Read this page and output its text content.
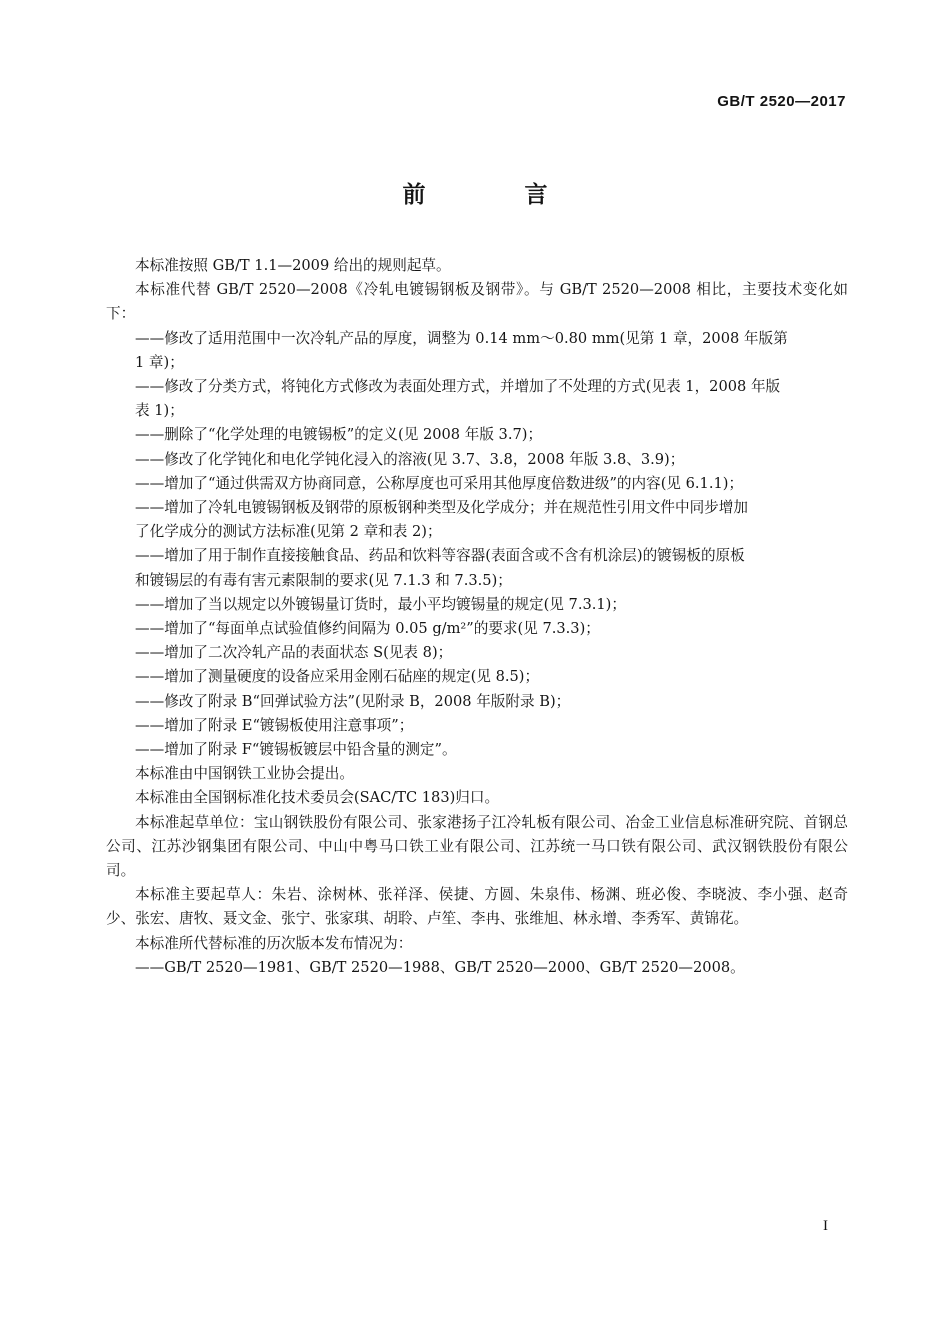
GB/T 2520—2017
前　言

本标准按照 GB/T 1.1—2009 给出的规则起草。

本标准代替 GB/T 2520—2008《冷轧电镀锡钢板及钢带》。与 GB/T 2520—2008 相比，主要技术变化如下：

——修改了适用范围中一次冷轧产品的厚度，调整为 0.14 mm～0.80 mm(见第 1 章，2008 年版第
1 章)；

——修改了分类方式，将钝化方式修改为表面处理方式，并增加了不处理的方式(见表 1，2008 年版
表 1)；

——删除了“化学处理的电镀锡板”的定义(见 2008 年版 3.7)；

——修改了化学钝化和电化学钝化浸入的溶液(见 3.7、3.8，2008 年版 3.8、3.9)；

——增加了“通过供需双方协商同意，公称厚度也可采用其他厚度倍数进级”的内容(见 6.1.1)；

——增加了冷轧电镀锡钢板及钢带的原板钢种类型及化学成分；并在规范性引用文件中同步增加
了化学成分的测试方法标准(见第 2 章和表 2)；

——增加了用于制作直接接触食品、药品和饮料等容器(表面含或不含有机涂层)的镀锡板的原板
和镀锡层的有毒有害元素限制的要求(见 7.1.3 和 7.3.5)；

——增加了当以规定以外镀锡量订货时，最小平均镀锡量的规定(见 7.3.1)；

——增加了“每面单点试验值修约间隔为 0.05 g/m²”的要求(见 7.3.3)；

——增加了二次冷轧产品的表面状态 S(见表 8)；

——增加了测量硬度的设备应采用金刚石砧座的规定(见 8.5)；

——修改了附录 B“回弹试验方法”(见附录 B，2008 年版附录 B)；

——增加了附录 E“镀锡板使用注意事项”；

——增加了附录 F“镀锡板镀层中铅含量的测定”。

本标准由中国钢铁工业协会提出。

本标准由全国钢标准化技术委员会(SAC/TC 183)归口。

本标准起草单位：宝山钢铁股份有限公司、张家港扬子江冷轧板有限公司、冶金工业信息标准研究院、首钢总公司、江苏沙钢集团有限公司、中山中粤马口铁工业有限公司、江苏统一马口铁有限公司、武汉钢铁股份有限公司。

本标准主要起草人：朱岩、涂树林、张祥泽、侯捷、方圆、朱泉伟、杨渊、班必俊、李晓波、李小强、赵奇少、张宏、唐牧、聂文金、张宁、张家琪、胡聆、卢笙、李冉、张维旭、林永增、李秀军、黄锦花。

本标准所代替标准的历次版本发布情况为：

——GB/T 2520—1981、GB/T 2520—1988、GB/T 2520—2000、GB/T 2520—2008。

I
